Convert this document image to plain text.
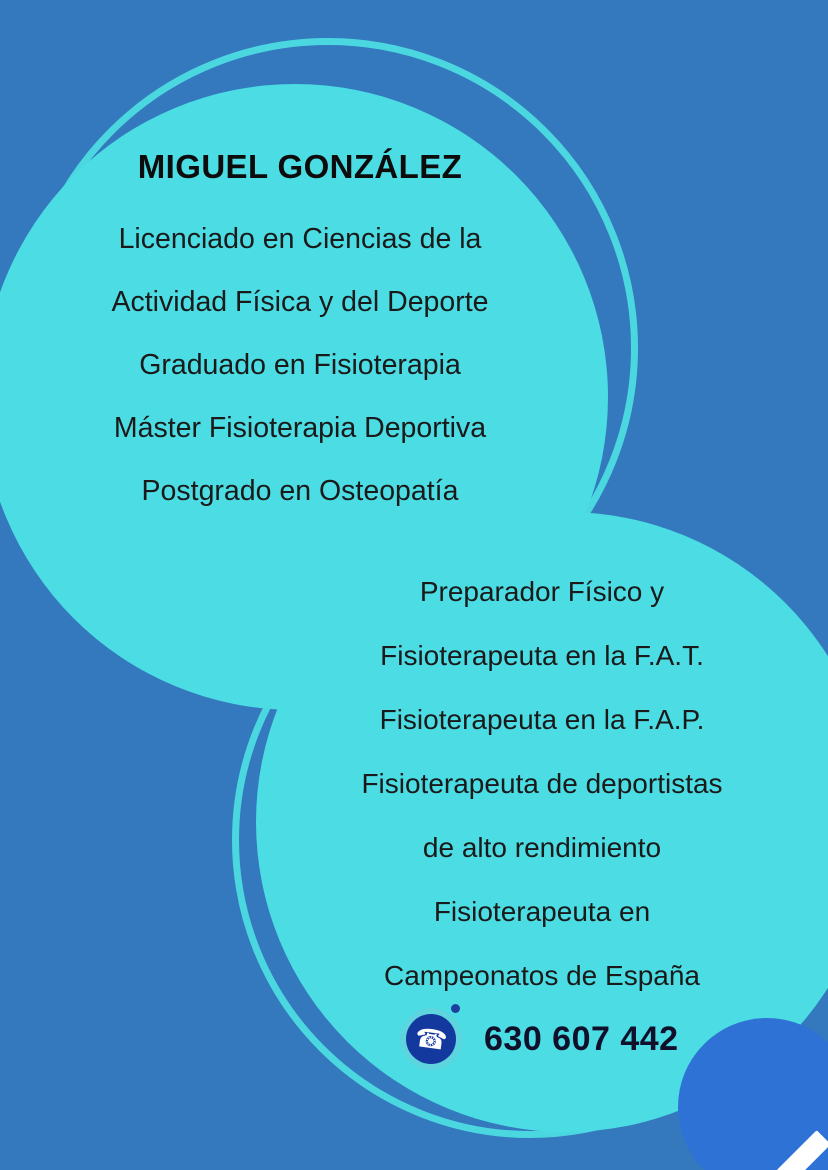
MIGUEL GONZÁLEZ
Licenciado en Ciencias de la
Actividad Física y del Deporte
Graduado en Fisioterapia
Máster Fisioterapia Deportiva
Postgrado en Osteopatía
Preparador Físico y
Fisioterapeuta en la F.A.T.
Fisioterapeuta en la F.A.P.
Fisioterapeuta de deportistas
de alto rendimiento
Fisioterapeuta en
Campeonatos de España
☎ 630 607 442
